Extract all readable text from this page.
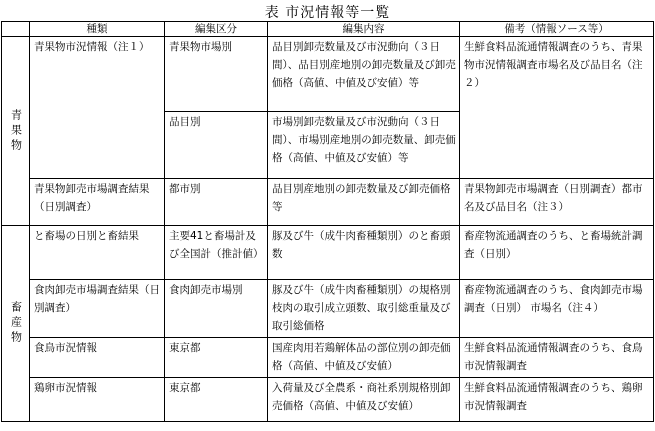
表 市況情報等一覧
	種類	編集区分	編集内容	備考（情報ソース等）
青果物	青果物市況情報（注１）	青果物市場別	品目別卸売数量及び市況動向（３日間）、品目別産地別の卸売数量及び卸売価格（高値、中値及び安値）等	生鮮食料品流通情報調査のうち、青果物市況情報調査市場名及び品目名（注２）
		品目別	市場別卸売数量及び市況動向（３日間）、市場別産地別の卸売数量、卸売価格（高値、中値及び安値）等	
	青果物卸売市場調査結果（日別調査）	都市別	品目別産地別の卸売数量及び卸売価格等	青果物卸売市場調査（日別調査）都市名及び品目名（注３）
畜産物	と畜場の日別と畜結果	主要41と畜場計及び全国計（推計値）	豚及び牛（成牛肉畜種類別）のと畜頭数	畜産物流通調査のうち、と畜場統計調査（日別）
	食肉卸売市場調査結果（日別調査）	食肉卸売市場別	豚及び牛（成牛肉畜種類別）の規格別枝肉の取引成立頭数、取引総重量及び取引総価格	畜産物流通調査のうち、食肉卸売市場調査（日別） 市場名（注４）
	食鳥市況情報	東京都	国産肉用若鶏解体品の部位別の卸売価格（高値、中値及び安値）	生鮮食料品流通情報調査のうち、食鳥市況情報調査
	鶏卵市況情報	東京都	入荷量及び全農系・商社系別規格別卸売価格（高値、中値及び安値）	生鮮食料品流通情報調査のうち、鶏卵市況情報調査
